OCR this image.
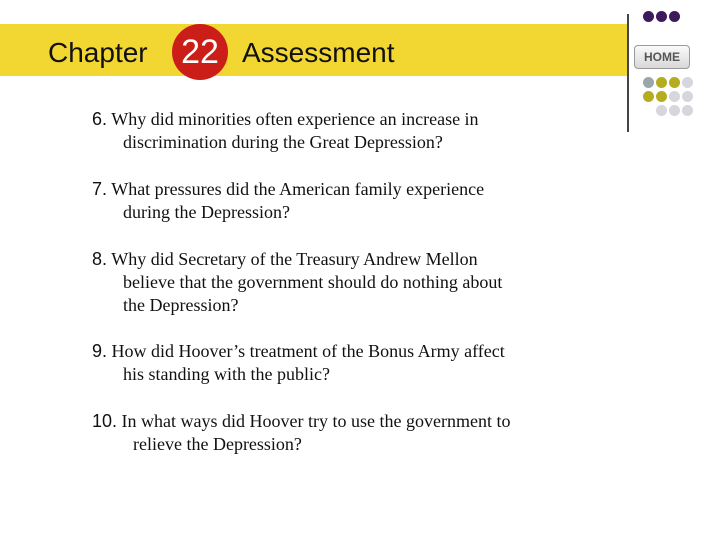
Chapter 22 Assessment	HOME
6. Why did minorities often experience an increase in
discrimination during the Great Depression?
7. What pressures did the American family experience
during the Depression?
8. Why did Secretary of the Treasury Andrew Mellon
believe that the government should do nothing about
the Depression?
9. How did Hoover’s treatment of the Bonus Army affect
his standing with the public?
10. In what ways did Hoover try to use the government to
relieve the Depression?
